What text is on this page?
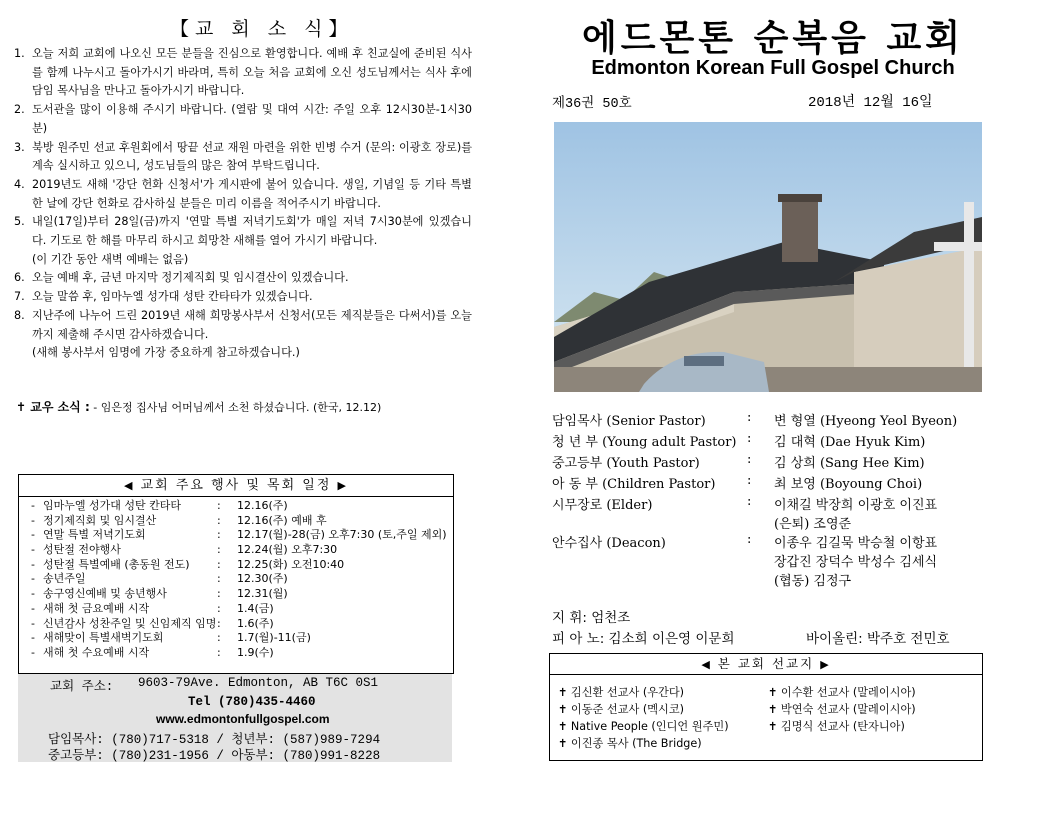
【교 회 소 식】
1. 오늘 저희 교회에 나오신 모든 분들을 진심으로 환영합니다. 예배 후 친교실에 준비된 식사를 함께 나누시고 돌아가시기 바라며, 특히 오늘 처음 교회에 오신 성도님께서는 식사 후에 담임 목사님을 만나고 돌아가시기 바랍니다.
2. 도서관을 많이 이용해 주시기 바랍니다. (열람 및 대여 시간: 주일 오후 12시30분-1시30분)
3. 북방 원주민 선교 후원회에서 땅끝 선교 재원 마련을 위한 빈병 수거 (문의: 이광호 장로)를 계속 실시하고 있으니, 성도님들의 많은 참여 부탁드립니다.
4. 2019년도 새해 '강단 헌화 신청서'가 게시판에 붙어 있습니다. 생일, 기념일 등 기타 특별한 날에 강단 헌화로 감사하실 분들은 미리 이름을 적어주시기 바랍니다.
5. 내일(17일)부터 28일(금)까지 '연말 특별 저녁기도회'가 매일 저녁 7시30분에 있겠습니다. 기도로 한 해를 마무리 하시고 희망찬 새해를 열어 가시기 바랍니다.
(이 기간 동안 새벽 예배는 없음)
6. 오늘 예배 후, 금년 마지막 정기제직회 및 임시결산이 있겠습니다.
7. 오늘 말씀 후, 임마누엘 성가대 성탄 칸타타가 있겠습니다.
8. 지난주에 나누어 드린 2019년 새해 희망봉사부서 신청서(모든 제직분들은 다써서)를 오늘까지 제출해 주시면 감사하겠습니다.
(새해 봉사부서 임명에 가장 중요하게 참고하겠습니다.)
✝ 교우 소식 : - 임은정 집사님 어머님께서 소천 하셨습니다. (한국, 12.12)
◀ 교회 주요 행사 및 목회 일정 ▶
- 임마누엘 성가대 성탄 칸타타	: 12.16(주)
- 정기제직회 및 임시결산	: 12.16(주) 예배 후
- 연말 특별 저녁기도회	: 12.17(월)-28(금) 오후7:30 (토,주일 제외)
- 성탄절 전야행사	: 12.24(월) 오후7:30
- 성탄절 특별예배 (총동원 전도) : 12.25(화) 오전10:40
- 송년주일	: 12.30(주)
- 송구영신예배 및 송년행사	: 12.31(월)
- 새해 첫 금요예배 시작	: 1.4(금)
- 신년감사 성찬주일 및 신임제직 임명 : 1.6(주)
- 새해맞이 특별새벽기도회	: 1.7(월)-11(금)
- 새해 첫 수요예배 시작	: 1.9(수)
교회 주소: 9603-79Ave. Edmonton, AB T6C 0S1
Tel (780)435-4460
www.edmontonfullgospel.com
담임목사: (780)717-5318 / 청년부: (587)989-7294
중고등부: (780)231-1956 / 아동부: (780)991-8228
에드몬톤 순복음 교회
Edmonton Korean Full Gospel Church
제36권 50호	2018년 12월 16일
담임목사 (Senior Pastor)	: 변 형열 (Hyeong Yeol Byeon)
청 년 부 (Young adult Pastor) : 김 대혁 (Dae Hyuk Kim)
중고등부 (Youth Pastor)	: 김 상희 (Sang Hee Kim)
아 동 부 (Children Pastor) : 최 보영 (Boyoung Choi)
시무장로 (Elder)	: 이채길 박장희 이광호 이진표
(은퇴) 조영준
안수집사 (Deacon)	: 이종우 김길묵 박승철 이항표
장갑진 장덕수 박성수 김세식
(협동) 김정구
지 휘: 엄천조
피 아 노: 김소희 이은영 이문희	바이올린: 박주호 전민호
◀ 본 교회 선교지 ▶
✝ 김신환 선교사 (우간다)	✝ 이수환 선교사 (말레이시아)
✝ 이동준 선교사 (멕시코)	✝ 박연숙 선교사 (말레이시아)
✝ Native People (인디언 원주민)	✝ 김명식 선교사 (탄자니아)
✝ 이진종 목사 (The Bridge)
